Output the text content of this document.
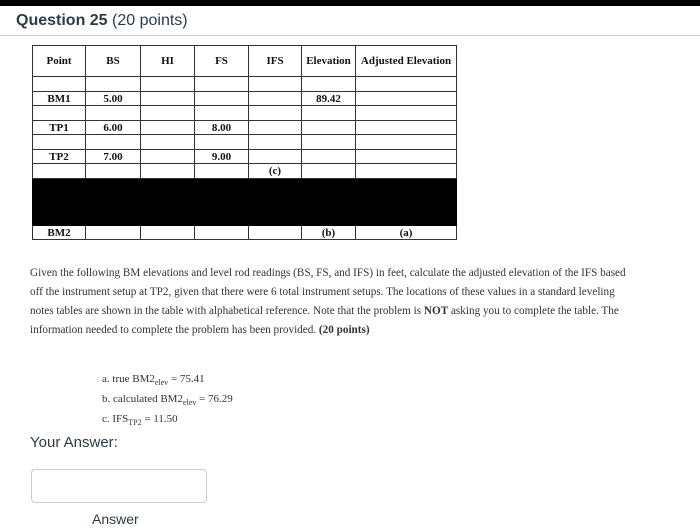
Question 25 (20 points)
Point	BS	HI	FS	IFS	Elevation	Adjusted Elevation

BM1	5.00				89.42	

TP1	6.00		8.00			

TP2	7.00		9.00			
				(c)		

BM2					(b)	(a)
Given the following BM elevations and level rod readings (BS, FS, and IFS) in feet, calculate the adjusted elevation of the IFS based off the instrument setup at TP2, given that there were 6 total instrument setups. The locations of these values in a standard leveling notes tables are shown in the table with alphabetical reference. Note that the problem is NOT asking you to complete the table. The information needed to complete the problem has been provided. (20 points)
a. true $BM2_{elev} = 75.41$
b. calculated $BM2_{elev} = 76.29$
c. $IFS_{TP2} = 11.50$
Your Answer:
Answer
